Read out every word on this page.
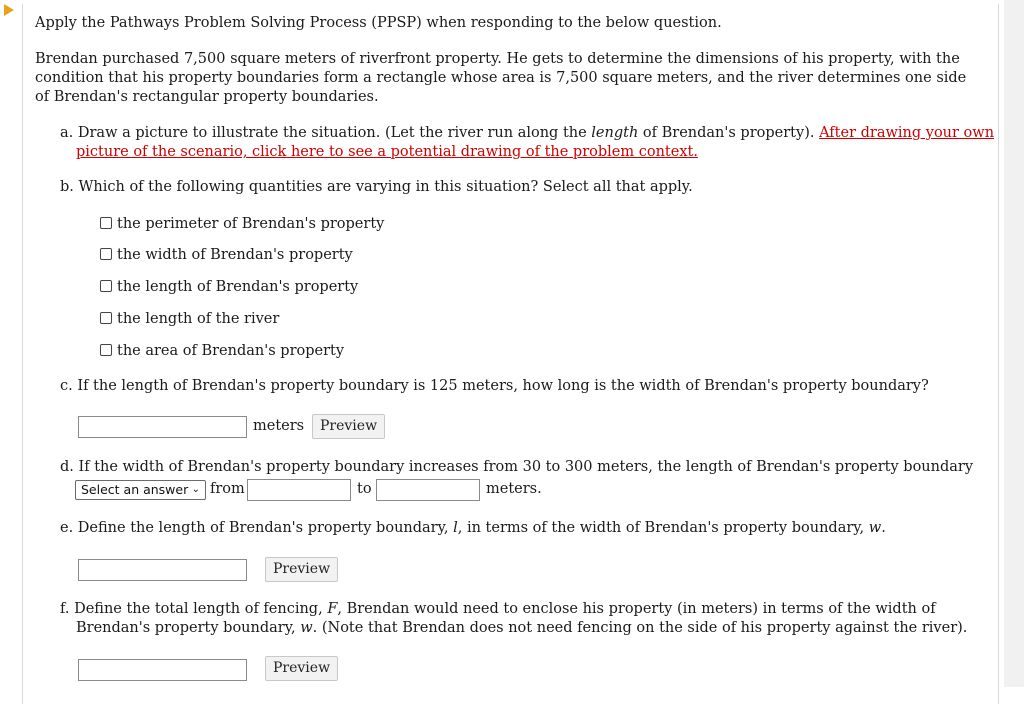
Apply the Pathways Problem Solving Process (PPSP) when responding to the below question.
Brendan purchased 7,500 square meters of riverfront property. He gets to determine the dimensions of his property, with the condition that his property boundaries form a rectangle whose area is 7,500 square meters, and the river determines one side of Brendan's rectangular property boundaries.
a. Draw a picture to illustrate the situation. (Let the river run along the length of Brendan's property). After drawing your own picture of the scenario, click here to see a potential drawing of the problem context.
b. Which of the following quantities are varying in this situation? Select all that apply.
the perimeter of Brendan's property
the width of Brendan's property
the length of Brendan's property
the length of the river
the area of Brendan's property
c. If the length of Brendan's property boundary is 125 meters, how long is the width of Brendan's property boundary?
meters	Preview
d. If the width of Brendan's property boundary increases from 30 to 300 meters, the length of Brendan's property boundary
Select an answer ⌄ from	to	meters.
e. Define the length of Brendan's property boundary, l, in terms of the width of Brendan's property boundary, w.
Preview
f. Define the total length of fencing, F, Brendan would need to enclose his property (in meters) in terms of the width of Brendan's property boundary, w. (Note that Brendan does not need fencing on the side of his property against the river).
Preview
